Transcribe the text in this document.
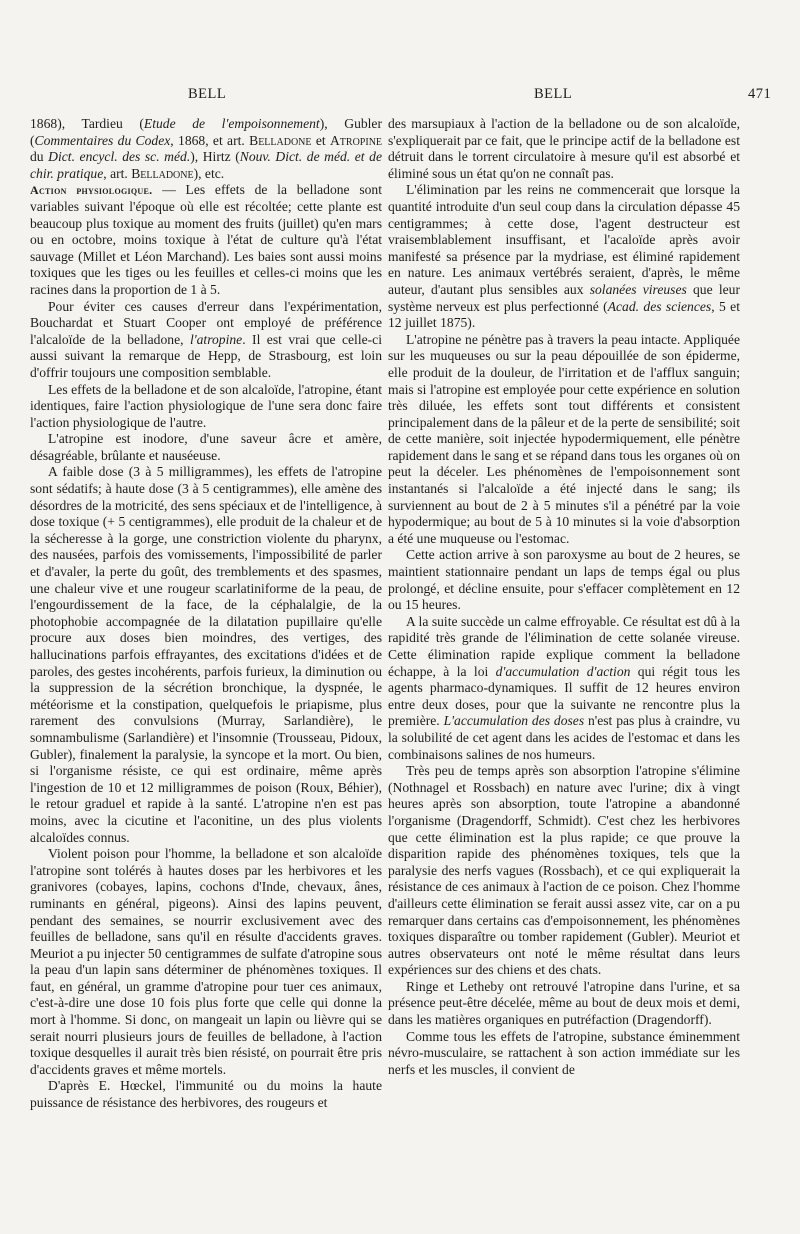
BELL	BELL	471

1868), Tardieu (Etude de l'empoisonnement), Gubler (Commentaires du Codex, 1868, et art. Belladone et Atropine du Dict. encycl. des sc. méd.), Hirtz (Nouv. Dict. de méd. et de chir. pratique, art. Belladone), etc.

Action physiologique. — Les effets de la belladone sont variables suivant l'époque où elle est récoltée; cette plante est beaucoup plus toxique au moment des fruits (juillet) qu'en mars ou en octobre, moins toxique à l'état de culture qu'à l'état sauvage (Millet et Léon Marchand). Les baies sont aussi moins toxiques que les tiges ou les feuilles et celles-ci moins que les racines dans la proportion de 1 à 5.

Pour éviter ces causes d'erreur dans l'expérimentation, Bouchardat et Stuart Cooper ont employé de préférence l'alcaloïde de la belladone, l'atropine. Il est vrai que celle-ci aussi suivant la remarque de Hepp, de Strasbourg, est loin d'offrir toujours une composition semblable.

Les effets de la belladone et de son alcaloïde, l'atropine, étant identiques, faire l'action physiologique de l'une sera donc faire l'action physiologique de l'autre.

L'atropine est inodore, d'une saveur âcre et amère, désagréable, brûlante et nauséeuse.

A faible dose (3 à 5 milligrammes), les effets de l'atropine sont sédatifs; à haute dose (3 à 5 centigrammes), elle amène des désordres de la motricité, des sens spéciaux et de l'intelligence, à dose toxique (+ 5 centigrammes), elle produit de la chaleur et de la sécheresse à la gorge, une constriction violente du pharynx, des nausées, parfois des vomissements, l'impossibilité de parler et d'avaler, la perte du goût, des tremblements et des spasmes, une chaleur vive et une rougeur scarlatiniforme de la peau, de l'engourdissement de la face, de la céphalalgie, de la photophobie accompagnée de la dilatation pupillaire qu'elle procure aux doses bien moindres, des vertiges, des hallucinations parfois effrayantes, des excitations d'idées et de paroles, des gestes incohérents, parfois furieux, la diminution ou la suppression de la sécrétion bronchique, la dyspnée, le météorisme et la constipation, quelquefois le priapisme, plus rarement des convulsions (Murray, Sarlandière), le somnambulisme (Sarlandière) et l'insomnie (Trousseau, Pidoux, Gubler), finalement la paralysie, la syncope et la mort. Ou bien, si l'organisme résiste, ce qui est ordinaire, même après l'ingestion de 10 et 12 milligrammes de poison (Roux, Béhier), le retour graduel et rapide à la santé. L'atropine n'en est pas moins, avec la cicutine et l'aconitine, un des plus violents alcaloïdes connus.

Violent poison pour l'homme, la belladone et son alcaloïde l'atropine sont tolérés à hautes doses par les herbivores et les granivores (cobayes, lapins, cochons d'Inde, chevaux, ânes, ruminants en général, pigeons). Ainsi des lapins peuvent, pendant des semaines, se nourrir exclusivement avec des feuilles de belladone, sans qu'il en résulte d'accidents graves. Meuriot a pu injecter 50 centigrammes de sulfate d'atropine sous la peau d'un lapin sans déterminer de phénomènes toxiques. Il faut, en général, un gramme d'atropine pour tuer ces animaux, c'est-à-dire une dose 10 fois plus forte que celle qui donne la mort à l'homme. Si donc, on mangeait un lapin ou lièvre qui se serait nourri plusieurs jours de feuilles de belladone, à l'action toxique desquelles il aurait très bien résisté, on pourrait être pris d'accidents graves et même mortels.

D'après E. Hœckel, l'immunité ou du moins la haute puissance de résistance des herbivores, des rougeurs et

des marsupiaux à l'action de la belladone ou de son alcaloïde, s'expliquerait par ce fait, que le principe actif de la belladone est détruit dans le torrent circulatoire à mesure qu'il est absorbé et éliminé sous un état qu'on ne connaît pas.

L'élimination par les reins ne commencerait que lorsque la quantité introduite d'un seul coup dans la circulation dépasse 45 centigrammes; à cette dose, l'agent destructeur est vraisemblablement insuffisant, et l'acaloïde après avoir manifesté sa présence par la mydriase, est éliminé rapidement en nature. Les animaux vertébrés seraient, d'après, le même auteur, d'autant plus sensibles aux solanées vireuses que leur système nerveux est plus perfectionné (Acad. des sciences, 5 et 12 juillet 1875).

L'atropine ne pénètre pas à travers la peau intacte. Appliquée sur les muqueuses ou sur la peau dépouillée de son épiderme, elle produit de la douleur, de l'irritation et de l'afflux sanguin; mais si l'atropine est employée pour cette expérience en solution très diluée, les effets sont tout différents et consistent principalement dans de la pâleur et de la perte de sensibilité; soit de cette manière, soit injectée hypodermiquement, elle pénètre rapidement dans le sang et se répand dans tous les organes où on peut la déceler. Les phénomènes de l'empoisonnement sont instantanés si l'alcaloïde a été injecté dans le sang; ils surviennent au bout de 2 à 5 minutes s'il a pénétré par la voie hypodermique; au bout de 5 à 10 minutes si la voie d'absorption a été une muqueuse ou l'estomac.

Cette action arrive à son paroxysme au bout de 2 heures, se maintient stationnaire pendant un laps de temps égal ou plus prolongé, et décline ensuite, pour s'effacer complètement en 12 ou 15 heures.

A la suite succède un calme effroyable. Ce résultat est dû à la rapidité très grande de l'élimination de cette solanée vireuse. Cette élimination rapide explique comment la belladone échappe, à la loi d'accumulation d'action qui régit tous les agents pharmaco-dynamiques. Il suffit de 12 heures environ entre deux doses, pour que la suivante ne rencontre plus la première. L'accumulation des doses n'est pas plus à craindre, vu la solubilité de cet agent dans les acides de l'estomac et dans les combinaisons salines de nos humeurs.

Très peu de temps après son absorption l'atropine s'élimine (Nothnagel et Rossbach) en nature avec l'urine; dix à vingt heures après son absorption, toute l'atropine a abandonné l'organisme (Dragendorff, Schmidt). C'est chez les herbivores que cette élimination est la plus rapide; ce que prouve la disparition rapide des phénomènes toxiques, tels que la paralysie des nerfs vagues (Rossbach), et ce qui expliquerait la résistance de ces animaux à l'action de ce poison. Chez l'homme d'ailleurs cette élimination se ferait aussi assez vite, car on a pu remarquer dans certains cas d'empoisonnement, les phénomènes toxiques disparaître ou tomber rapidement (Gubler). Meuriot et autres observateurs ont noté le même résultat dans leurs expériences sur des chiens et des chats.

Ringe et Letheby ont retrouvé l'atropine dans l'urine, et sa présence peut-être décelée, même au bout de deux mois et demi, dans les matières organiques en putréfaction (Dragendorff).

Comme tous les effets de l'atropine, substance éminemment névro-musculaire, se rattachent à son action immédiate sur les nerfs et les muscles, il convient de
